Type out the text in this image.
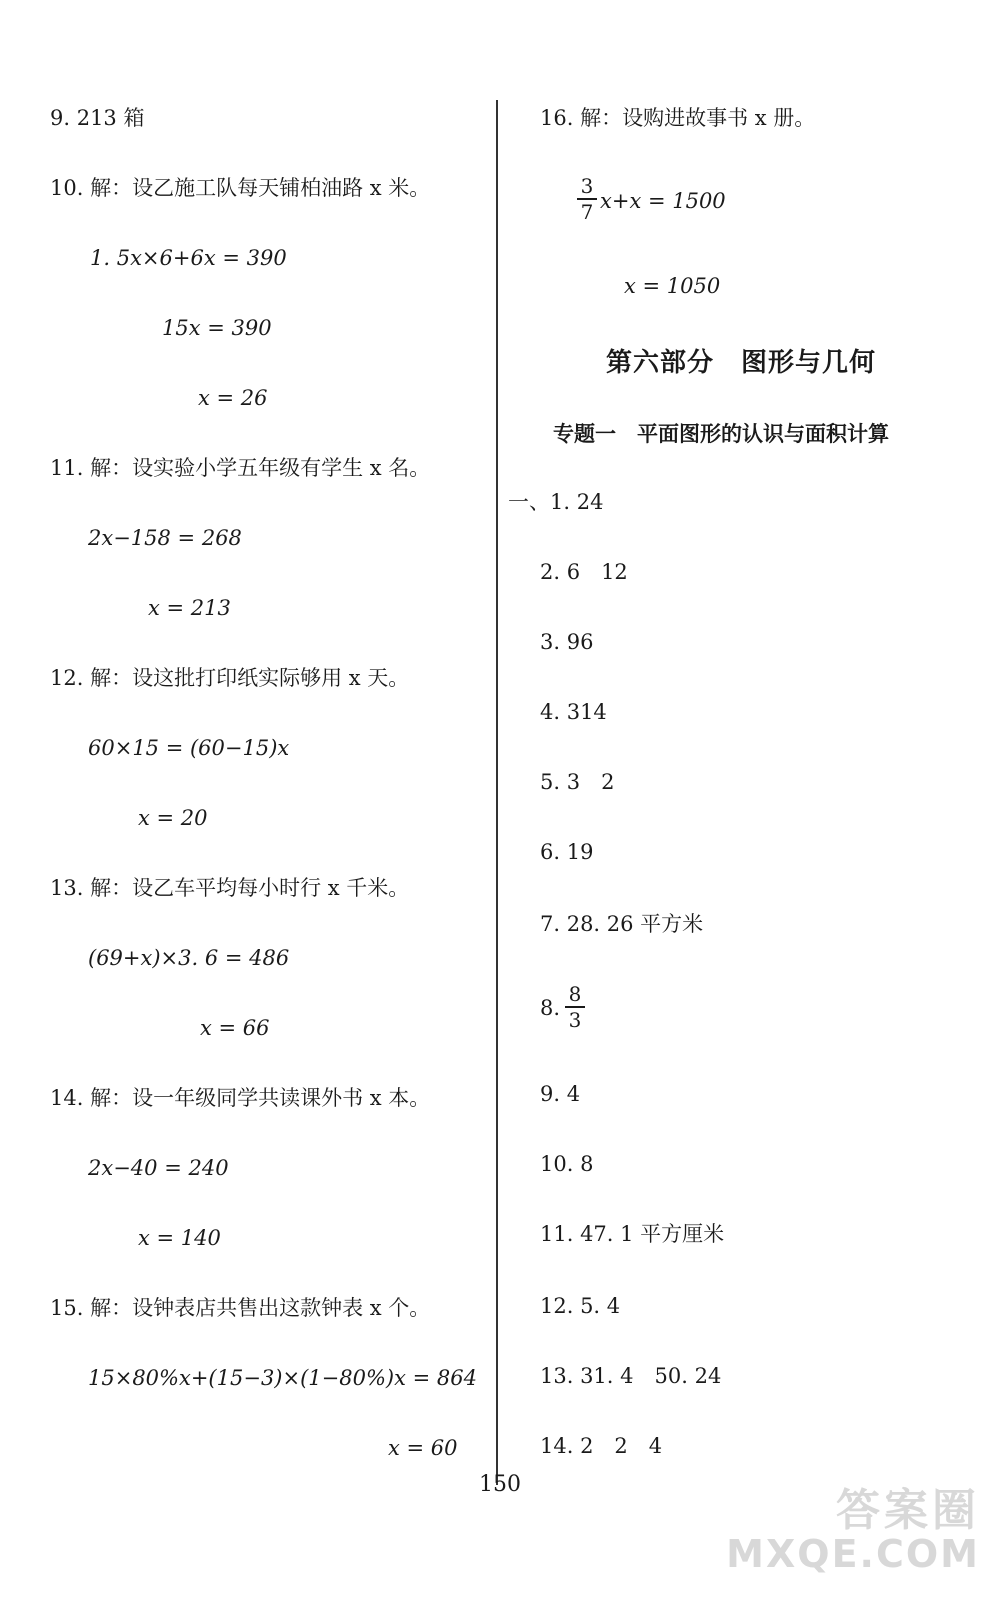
9. 213 箱
10. 解：设乙施工队每天铺柏油路 x 米。
1. 5x×6+6x = 390
15x = 390
x = 26
11. 解：设实验小学五年级有学生 x 名。
2x−158 = 268
x = 213
12. 解：设这批打印纸实际够用 x 天。
60×15 = (60−15)x
x = 20
13. 解：设乙车平均每小时行 x 千米。
(69+x)×3. 6 = 486
x = 66
14. 解：设一年级同学共读课外书 x 本。
2x−40 = 240
x = 140
15. 解：设钟表店共售出这款钟表 x 个。
15×80%x+(15−3)×(1−80%)x = 864
x = 60
16. 解：设购进故事书 x 册。
3
7 x+x = 1500
x = 1050
第六部分　图形与几何
专题一　平面图形的认识与面积计算
一、1. 24
2. 6　12
3. 96
4. 314
5. 3　2
6. 19
7. 28. 26 平方米
8.
8
3
9. 4
10. 8
11. 47. 1 平方厘米
12. 5. 4
13. 31. 4　50. 24
14. 2　2　4
150
答案圈
MXQE.COM
